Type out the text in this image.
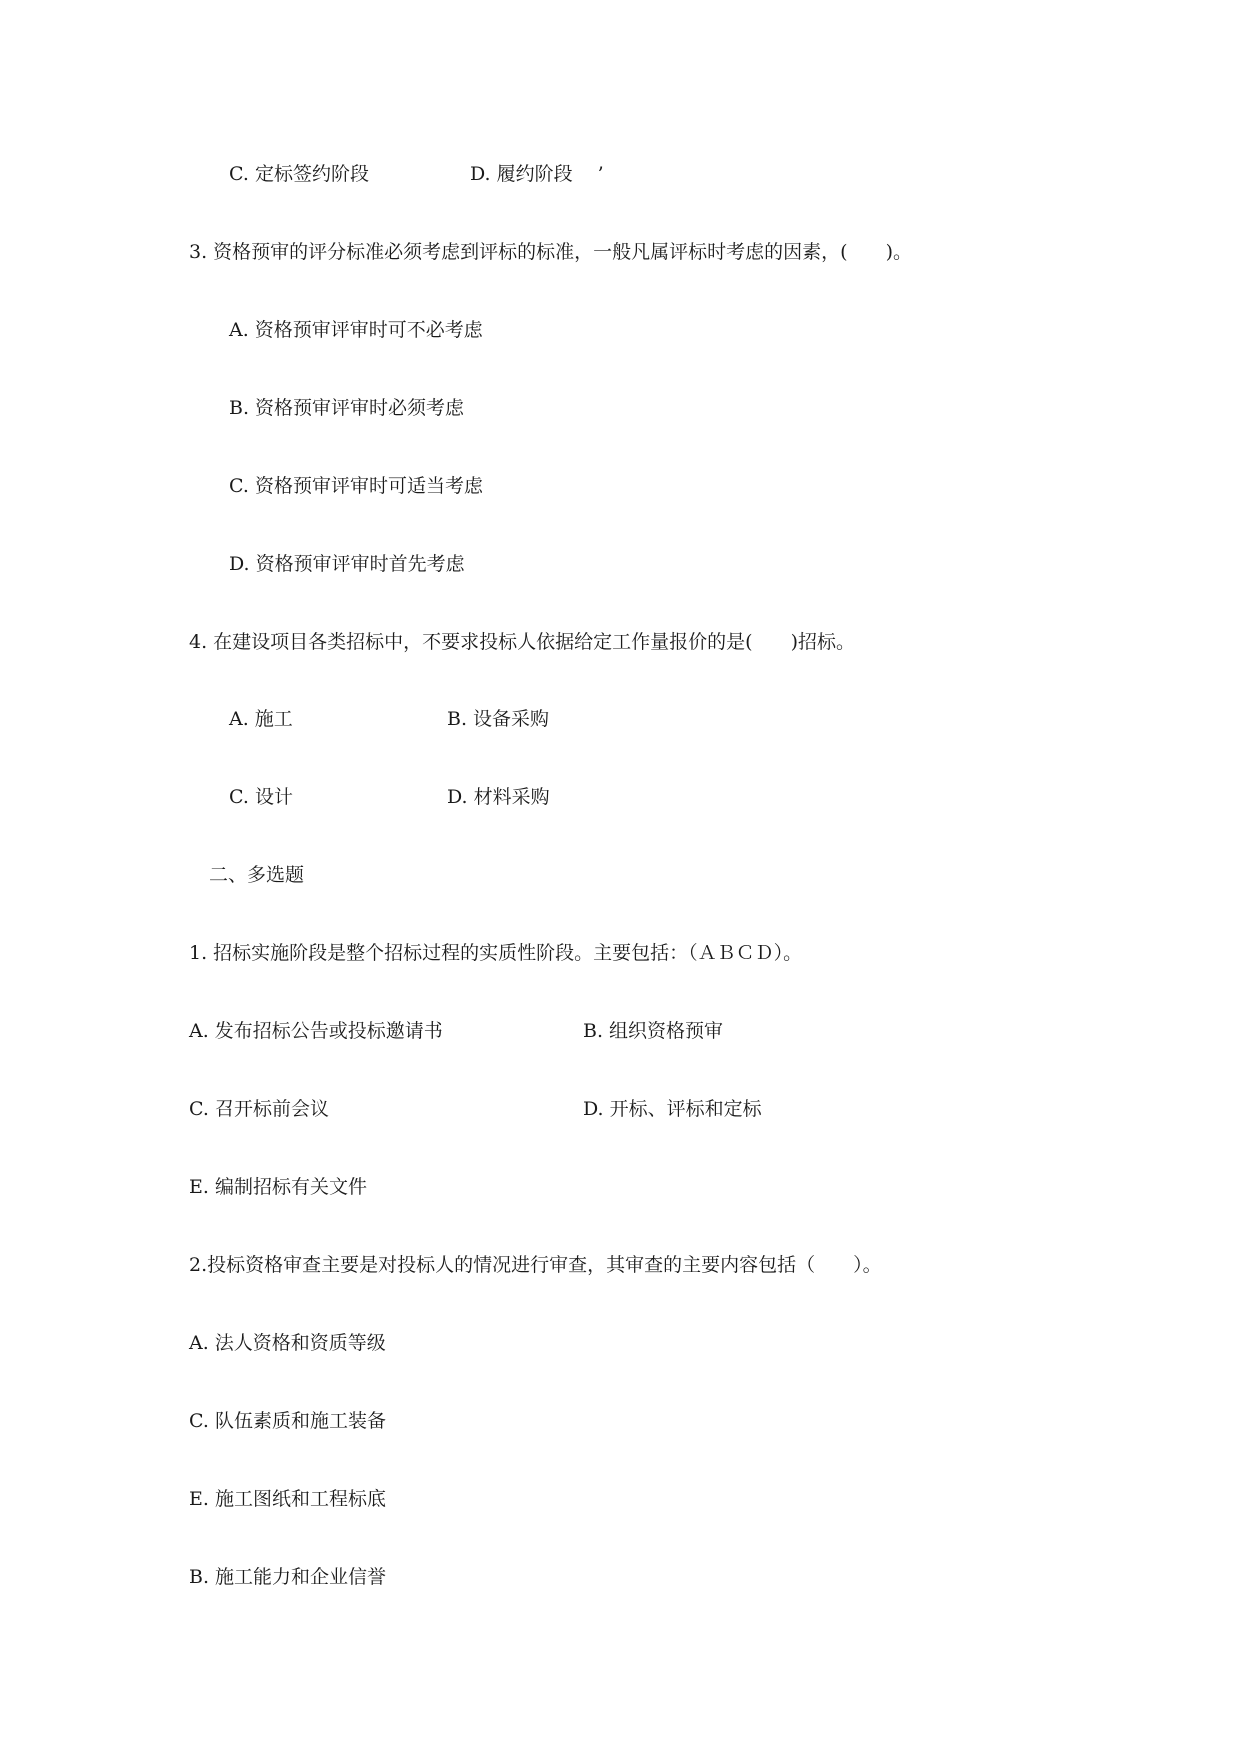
C. 定标签约阶段	D. 履约阶段　 ’
3. 资格预审的评分标准必须考虑到评标的标准，一般凡属评标时考虑的因素，(　　)。
A. 资格预审评审时可不必考虑
B. 资格预审评审时必须考虑
C. 资格预审评审时可适当考虑
D. 资格预审评审时首先考虑
4. 在建设项目各类招标中，不要求投标人依据给定工作量报价的是(　　)招标。
A. 施工	B. 设备采购
C. 设计	D. 材料采购
二、多选题
1. 招标实施阶段是整个招标过程的实质性阶段。主要包括：（ＡＢＣＤ）。
A. 发布招标公告或投标邀请书	B. 组织资格预审
C. 召开标前会议	D. 开标、评标和定标
E. 编制招标有关文件
2.投标资格审查主要是对投标人的情况进行审查，其审查的主要内容包括（　　）。
A. 法人资格和资质等级
C. 队伍素质和施工装备
E. 施工图纸和工程标底
B. 施工能力和企业信誉
